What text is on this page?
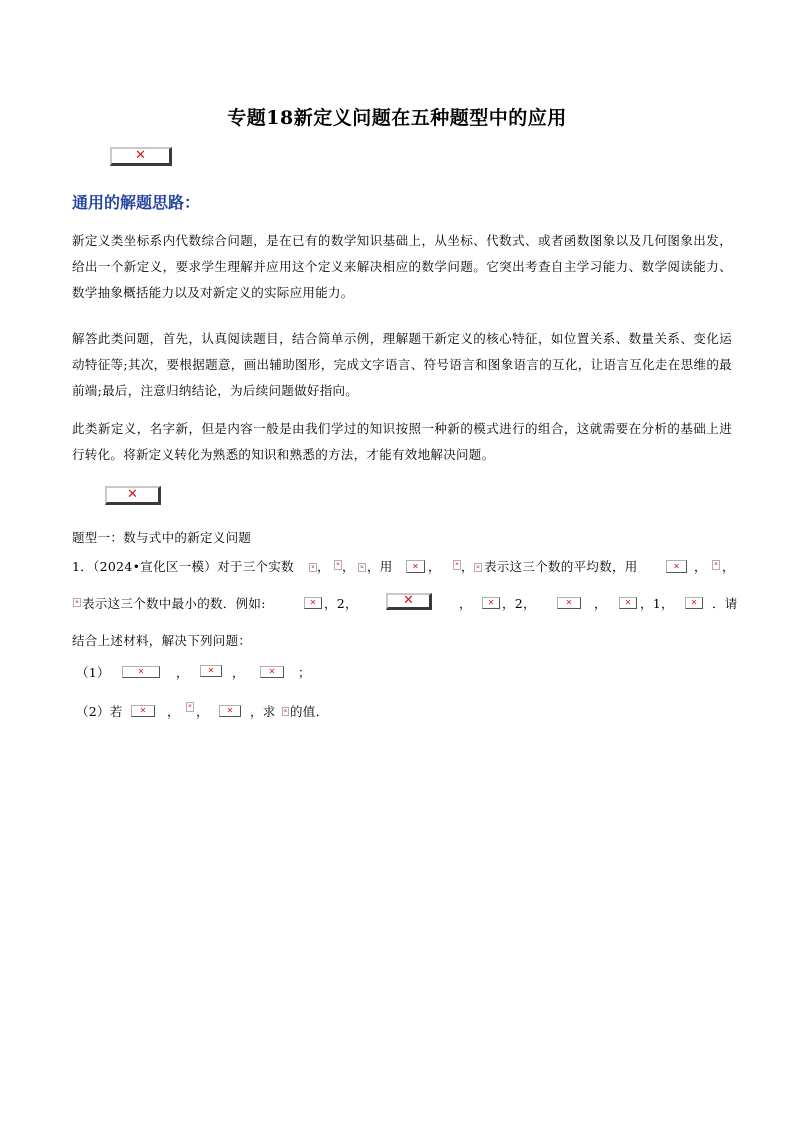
专题18新定义问题在五种题型中的应用
✕
通用的解题思路：
新定义类坐标系内代数综合问题，是在已有的数学知识基础上，从坐标、代数式、或者函数图象以及几何图象出发，给出一个新定义，要求学生理解并应用这个定义来解决相应的数学问题。它突出考查自主学习能力、数学阅读能力、数学抽象概括能力以及对新定义的实际应用能力。
解答此类问题，首先，认真阅读题目，结合简单示例，理解题干新定义的核心特征，如位置关系、数量关系、变化运动特征等;其次，要根据题意，画出辅助图形，完成文字语言、符号语言和图象语言的互化，让语言互化走在思维的最前端;最后，注意归纳结论，为后续问题做好指向。
此类新定义，名字新，但是内容一般是由我们学过的知识按照一种新的模式进行的组合，这就需要在分析的基础上进行转化。将新定义转化为熟悉的知识和熟悉的方法，才能有效地解决问题。
✕
题型一：数与式中的新定义问题
1．（2024•宣化区一模）对于三个实数	✕ ， ✕ ， ✕ ，用 ✕ ，	✕ ， ✕ 表示这三个数的平均数，用	✕ ， ✕ ，
✕ 表示这三个数中最小的数．例如:	✕ ，2，	✕	， ✕ ，2，	✕ ， ✕ ，1， ✕ ．请
结合上述材料，解决下列问题：
（1）	✕	， ✕ ，	✕ ；
（2）若 ✕ ， ✕ ， ✕ ，求 ✕ 的值．
